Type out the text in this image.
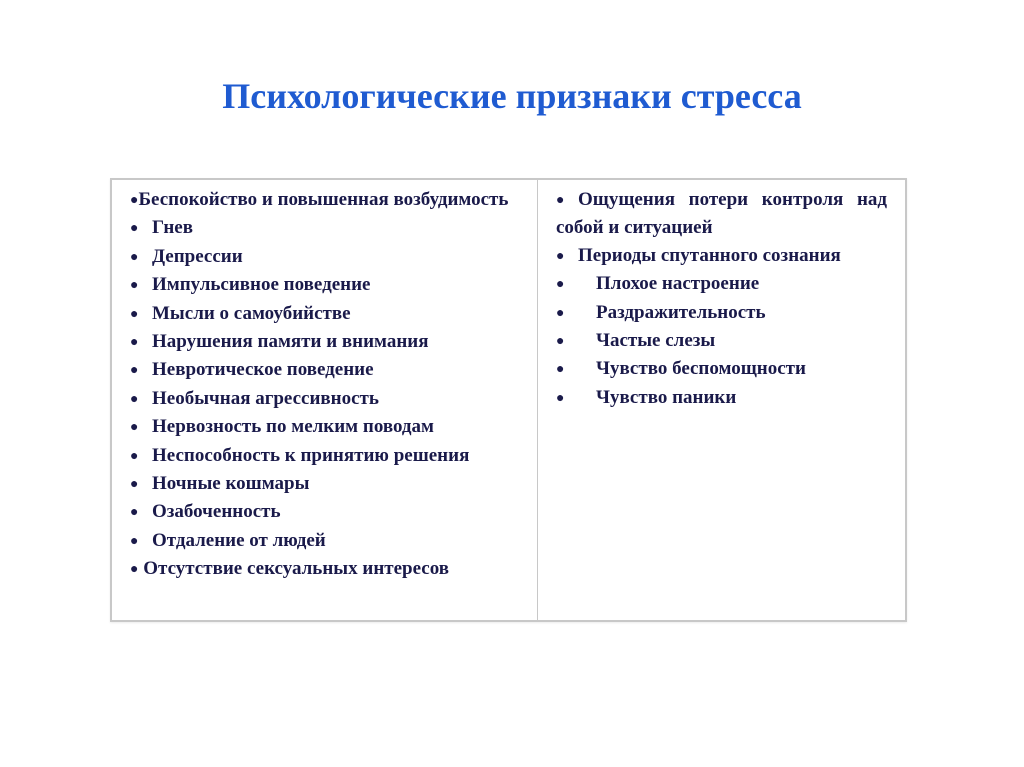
Психологические признаки стресса
●Беспокойство и повышенная возбудимость
● Гнев
● Депрессии
● Импульсивное поведение
● Мысли о самоубийстве
● Нарушения памяти и внимания
● Невротическое поведение
● Необычная агрессивность
● Нервозность по мелким поводам
● Неспособность к принятию решения
● Ночные кошмары
● Озабоченность
● Отдаление от людей
● Отсутствие сексуальных интересов
● Ощущения потери контроля над собой и ситуацией
● Периоды спутанного сознания
● Плохое настроение
● Раздражительность
● Частые слезы
● Чувство беспомощности
● Чувство паники
